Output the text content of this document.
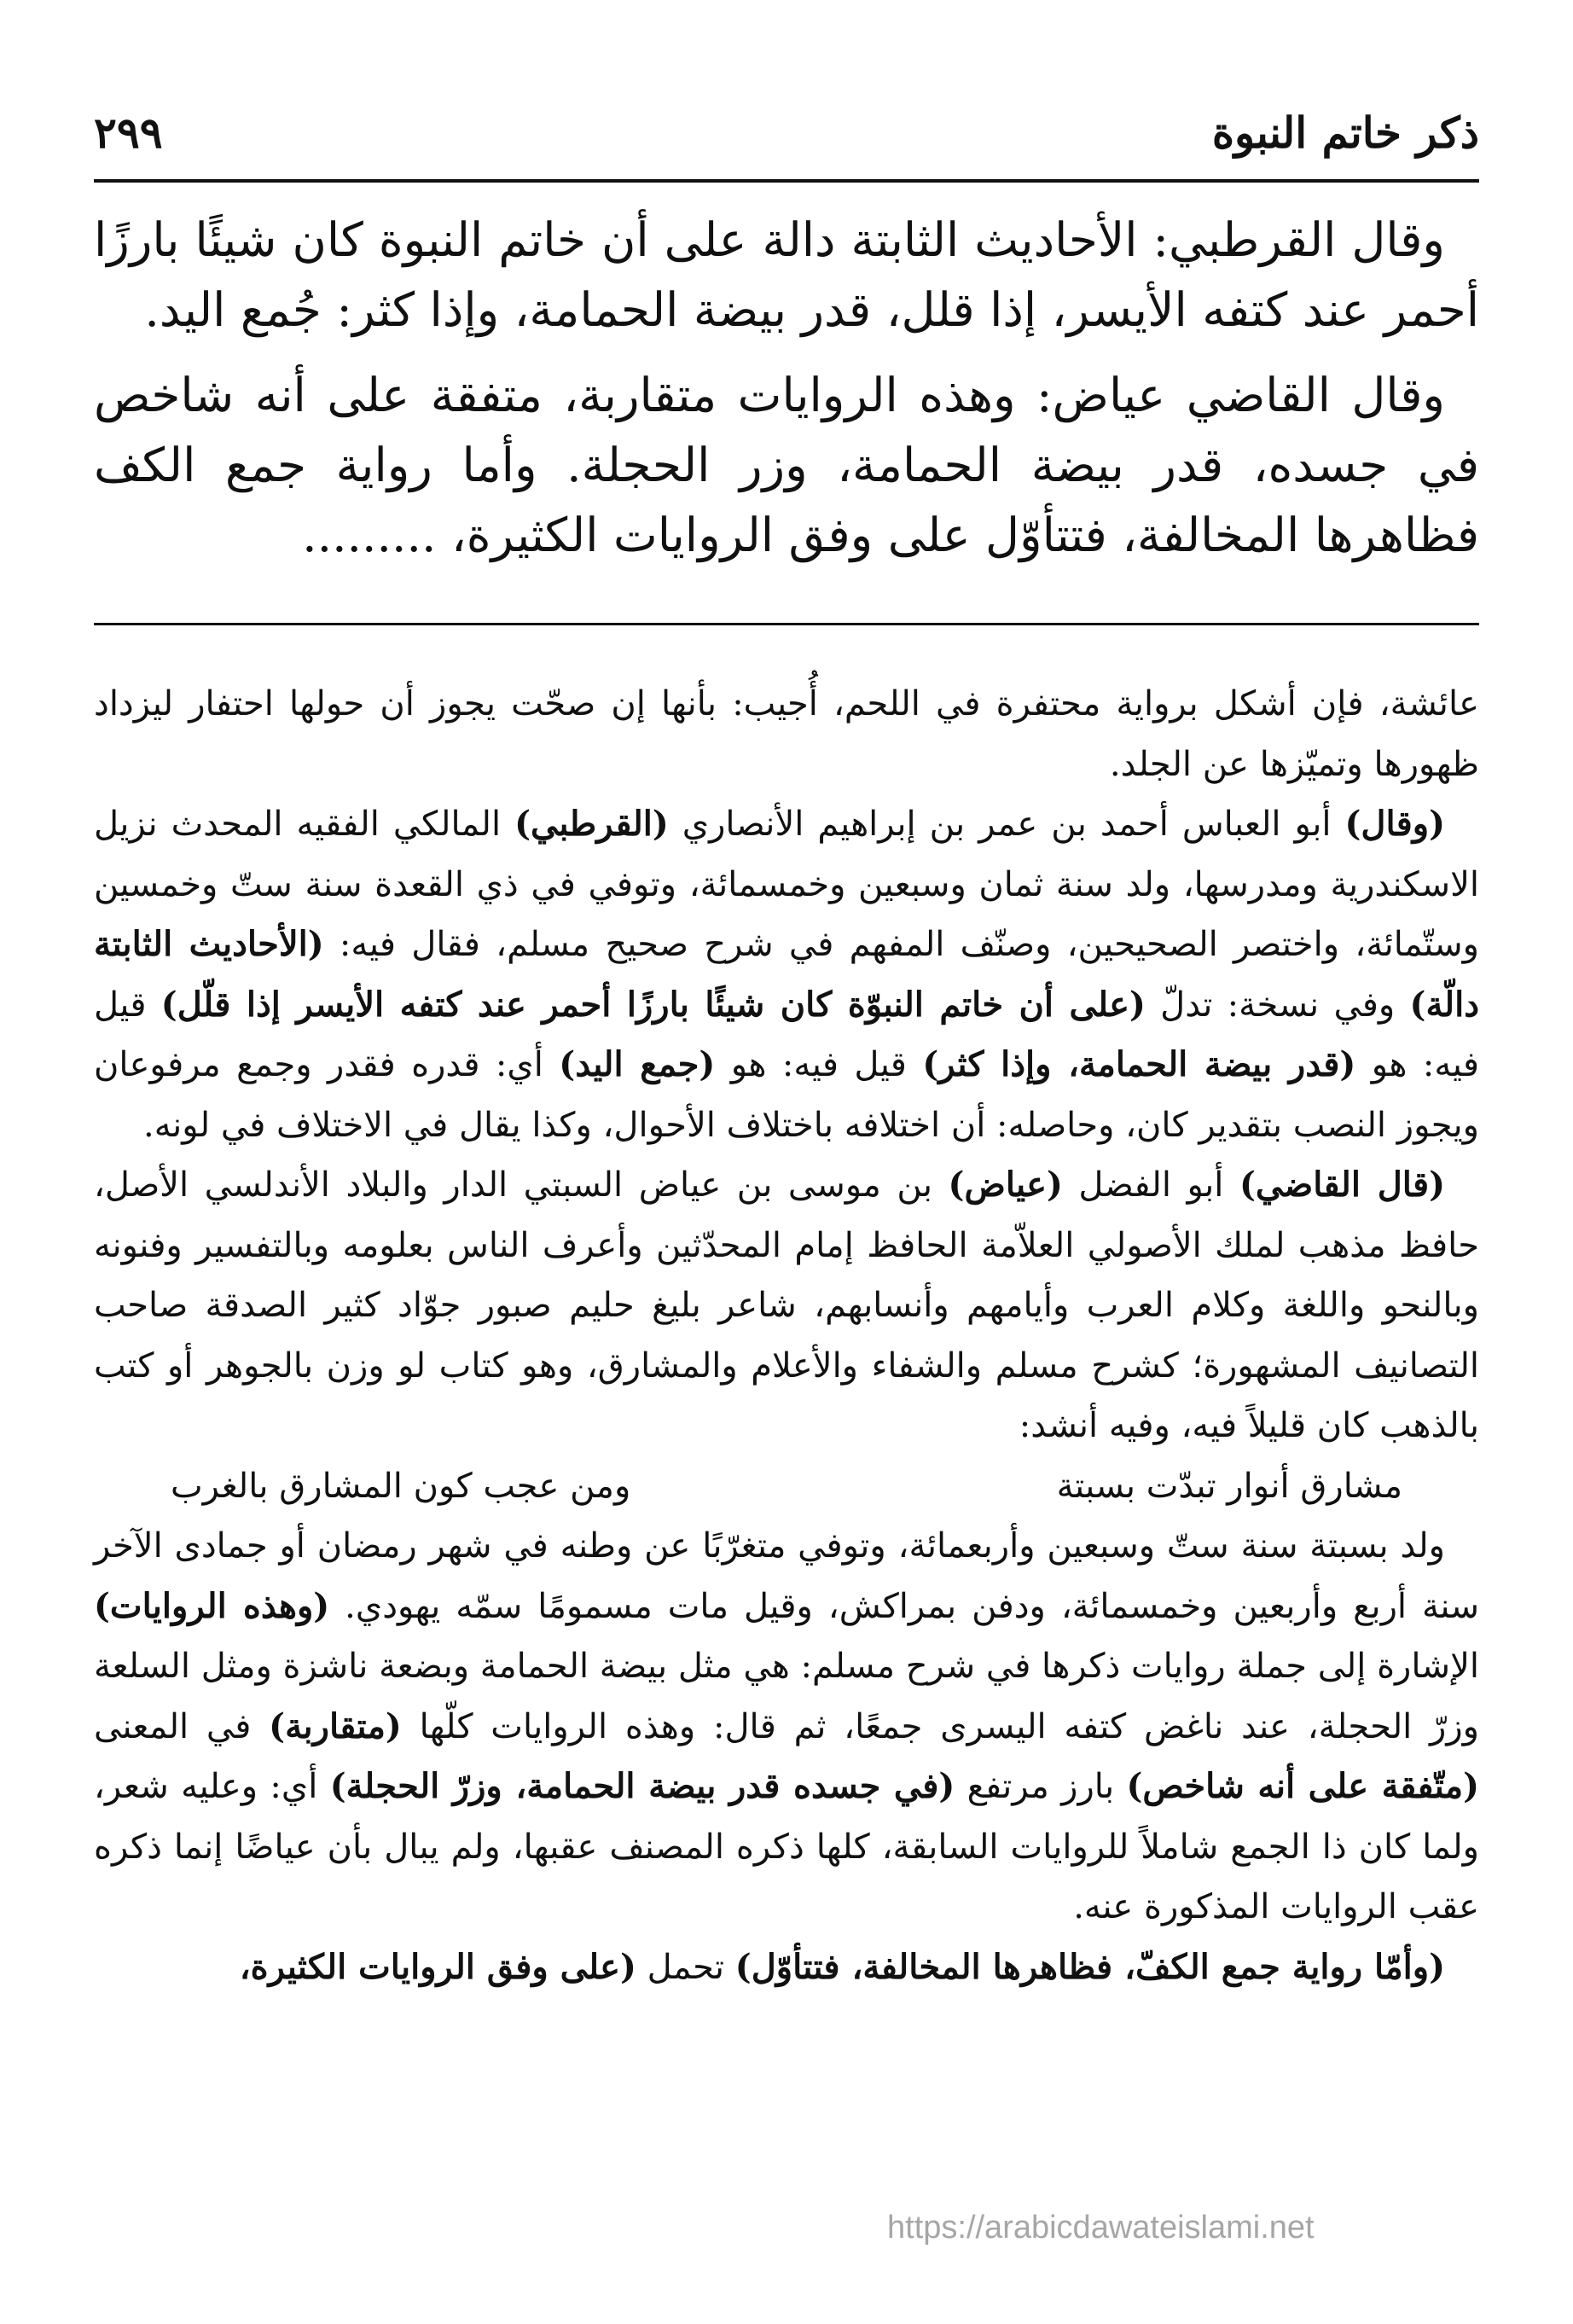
ذكر خاتم النبوة
٢٩٩

وقال القرطبي: الأحاديث الثابتة دالة على أن خاتم النبوة كان شيئًا بارزًا أحمر عند كتفه الأيسر، إذا قلل، قدر بيضة الحمامة، وإذا كثر: جُمع اليد.

وقال القاضي عياض: وهذه الروايات متقاربة، متفقة على أنه شاخص في جسده، قدر بيضة الحمامة، وزر الحجلة. وأما رواية جمع الكف فظاهرها المخالفة، فتتأوّل على وفق الروايات الكثيرة، .........

عائشة، فإن أشكل برواية محتفرة في اللحم، أُجيب: بأنها إن صحّت يجوز أن حولها احتفار ليزداد ظهورها وتميّزها عن الجلد.

(وقال) أبو العباس أحمد بن عمر بن إبراهيم الأنصاري (القرطبي) المالكي الفقيه المحدث نزيل الاسكندرية ومدرسها، ولد سنة ثمان وسبعين وخمسمائة، وتوفي في ذي القعدة سنة ستّ وخمسين وستّمائة، واختصر الصحيحين، وصنّف المفهم في شرح صحيح مسلم، فقال فيه: (الأحاديث الثابتة دالّة) وفي نسخة: تدلّ (على أن خاتم النبوّة كان شيئًا بارزًا أحمر عند كتفه الأيسر إذا قلّل) قيل فيه: هو (قدر بيضة الحمامة، وإذا كثر) قيل فيه: هو (جمع اليد) أي: قدره فقدر وجمع مرفوعان ويجوز النصب بتقدير كان، وحاصله: أن اختلافه باختلاف الأحوال، وكذا يقال في الاختلاف في لونه.

(قال القاضي) أبو الفضل (عياض) بن موسى بن عياض السبتي الدار والبلاد الأندلسي الأصل، حافظ مذهب لملك الأصولي العلاّمة الحافظ إمام المحدّثين وأعرف الناس بعلومه وبالتفسير وفنونه وبالنحو واللغة وكلام العرب وأيامهم وأنسابهم، شاعر بليغ حليم صبور جوّاد كثير الصدقة صاحب التصانيف المشهورة؛ كشرح مسلم والشفاء والأعلام والمشارق، وهو كتاب لو وزن بالجوهر أو كتب بالذهب كان قليلاً فيه، وفيه أنشد:

مشارق أنوار تبدّت بسبتة
ومن عجب كون المشارق بالغرب

ولد بسبتة سنة ستّ وسبعين وأربعمائة، وتوفي متغرّبًا عن وطنه في شهر رمضان أو جمادى الآخر سنة أربع وأربعين وخمسمائة، ودفن بمراكش، وقيل مات مسمومًا سمّه يهودي. (وهذه الروايات) الإشارة إلى جملة روايات ذكرها في شرح مسلم: هي مثل بيضة الحمامة وبضعة ناشزة ومثل السلعة وزرّ الحجلة، عند ناغض كتفه اليسرى جمعًا، ثم قال: وهذه الروايات كلّها (متقاربة) في المعنى (متّفقة على أنه شاخص) بارز مرتفع (في جسده قدر بيضة الحمامة، وزرّ الحجلة) أي: وعليه شعر، ولما كان ذا الجمع شاملاً للروايات السابقة، كلها ذكره المصنف عقبها، ولم يبال بأن عياضًا إنما ذكره عقب الروايات المذكورة عنه.

(وأمّا رواية جمع الكفّ، فظاهرها المخالفة، فتتأوّل) تحمل (على وفق الروايات الكثيرة،

https://arabicdawateislami.net
